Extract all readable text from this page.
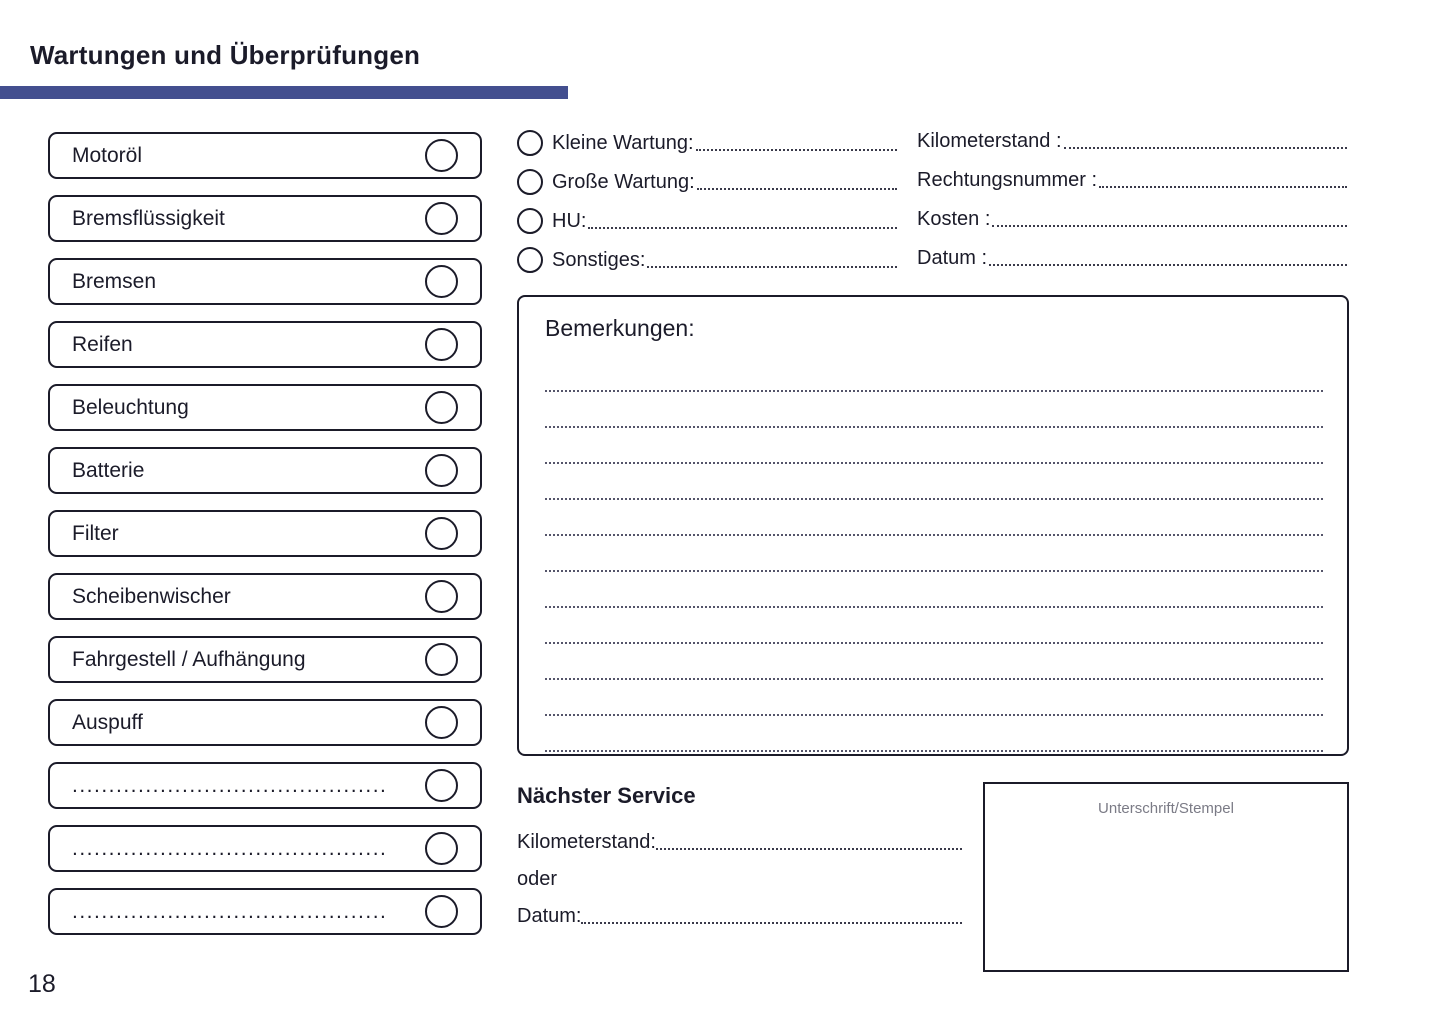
Wartungen und Überprüfungen
Motoröl
Bremsflüssigkeit
Bremsen
Reifen
Beleuchtung
Batterie
Filter
Scheibenwischer
Fahrgestell / Aufhängung
Auspuff
...........................................
...........................................
...........................................
Kleine Wartung:
Große Wartung:
HU:
Sonstiges:
Kilometerstand :
Rechtungsnummer :
Kosten :
Datum :
Bemerkungen:
Nächster Service
Kilometerstand:
oder
Datum:
Unterschrift/Stempel
18
